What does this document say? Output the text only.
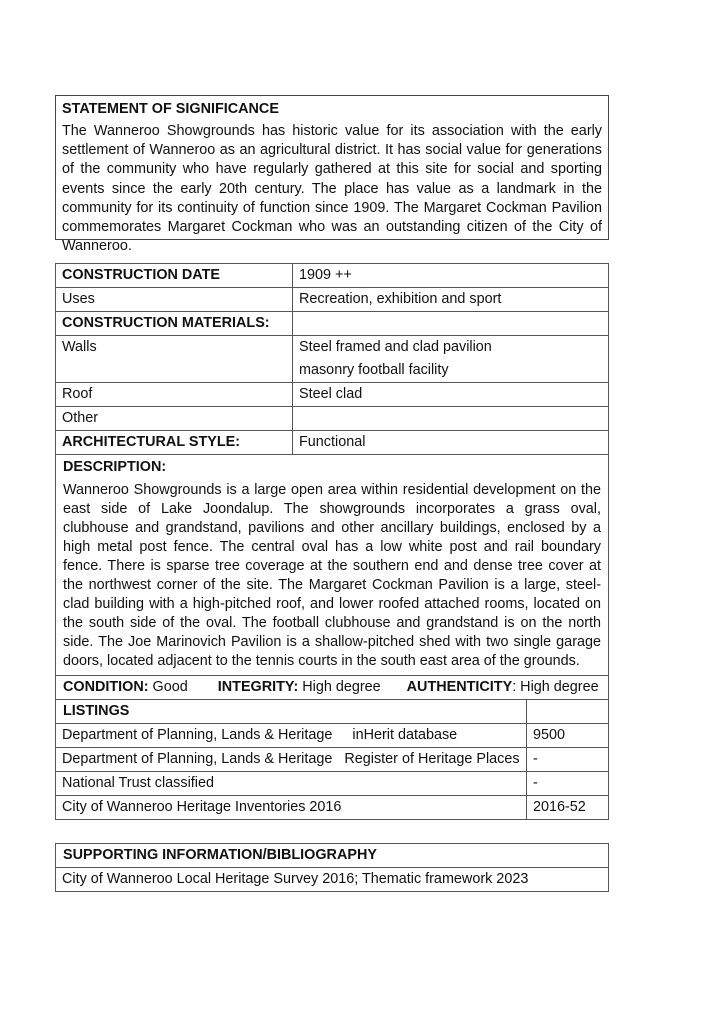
STATEMENT OF SIGNIFICANCE
The Wanneroo Showgrounds has historic value for its association with the early settlement of Wanneroo as an agricultural district. It has social value for generations of the community who have regularly gathered at this site for social and sporting events since the early 20th century. The place has value as a landmark in the community for its continuity of function since 1909. The Margaret Cockman Pavilion commemorates Margaret Cockman who was an outstanding citizen of the City of Wanneroo.
CONSTRUCTION DATE	1909 ++
Uses	Recreation, exhibition and sport
CONSTRUCTION MATERIALS:	
Walls	Steel framed and clad pavilion
masonry football facility

Roof	Steel clad
Other	
ARCHITECTURAL STYLE:	Functional
DESCRIPTION:
Wanneroo Showgrounds is a large open area within residential development on the east side of Lake Joondalup. The showgrounds incorporates a grass oval, clubhouse and grandstand, pavilions and other ancillary buildings, enclosed by a high metal post fence. The central oval has a low white post and rail boundary fence. There is sparse tree coverage at the southern end and dense tree cover at the northwest corner of the site. The Margaret Cockman Pavilion is a large, steel-clad building with a high-pitched roof, and lower roofed attached rooms, located on the south side of the oval. The football clubhouse and grandstand is on the north side. The Joe Marinovich Pavilion is a shallow-pitched shed with two single garage doors, located adjacent to the tennis courts in the south east area of the grounds.
CONDITION: Good INTEGRITY: High degree AUTHENTICITY: High degree	
LISTINGS	
Department of Planning, Lands & Heritage     inHerit database	9500
Department of Planning, Lands & Heritage   Register of Heritage Places	-
National Trust classified	-
City of Wanneroo Heritage Inventories 2016	2016-52
SUPPORTING INFORMATION/BIBLIOGRAPHY
City of Wanneroo Local Heritage Survey 2016; Thematic framework 2023
